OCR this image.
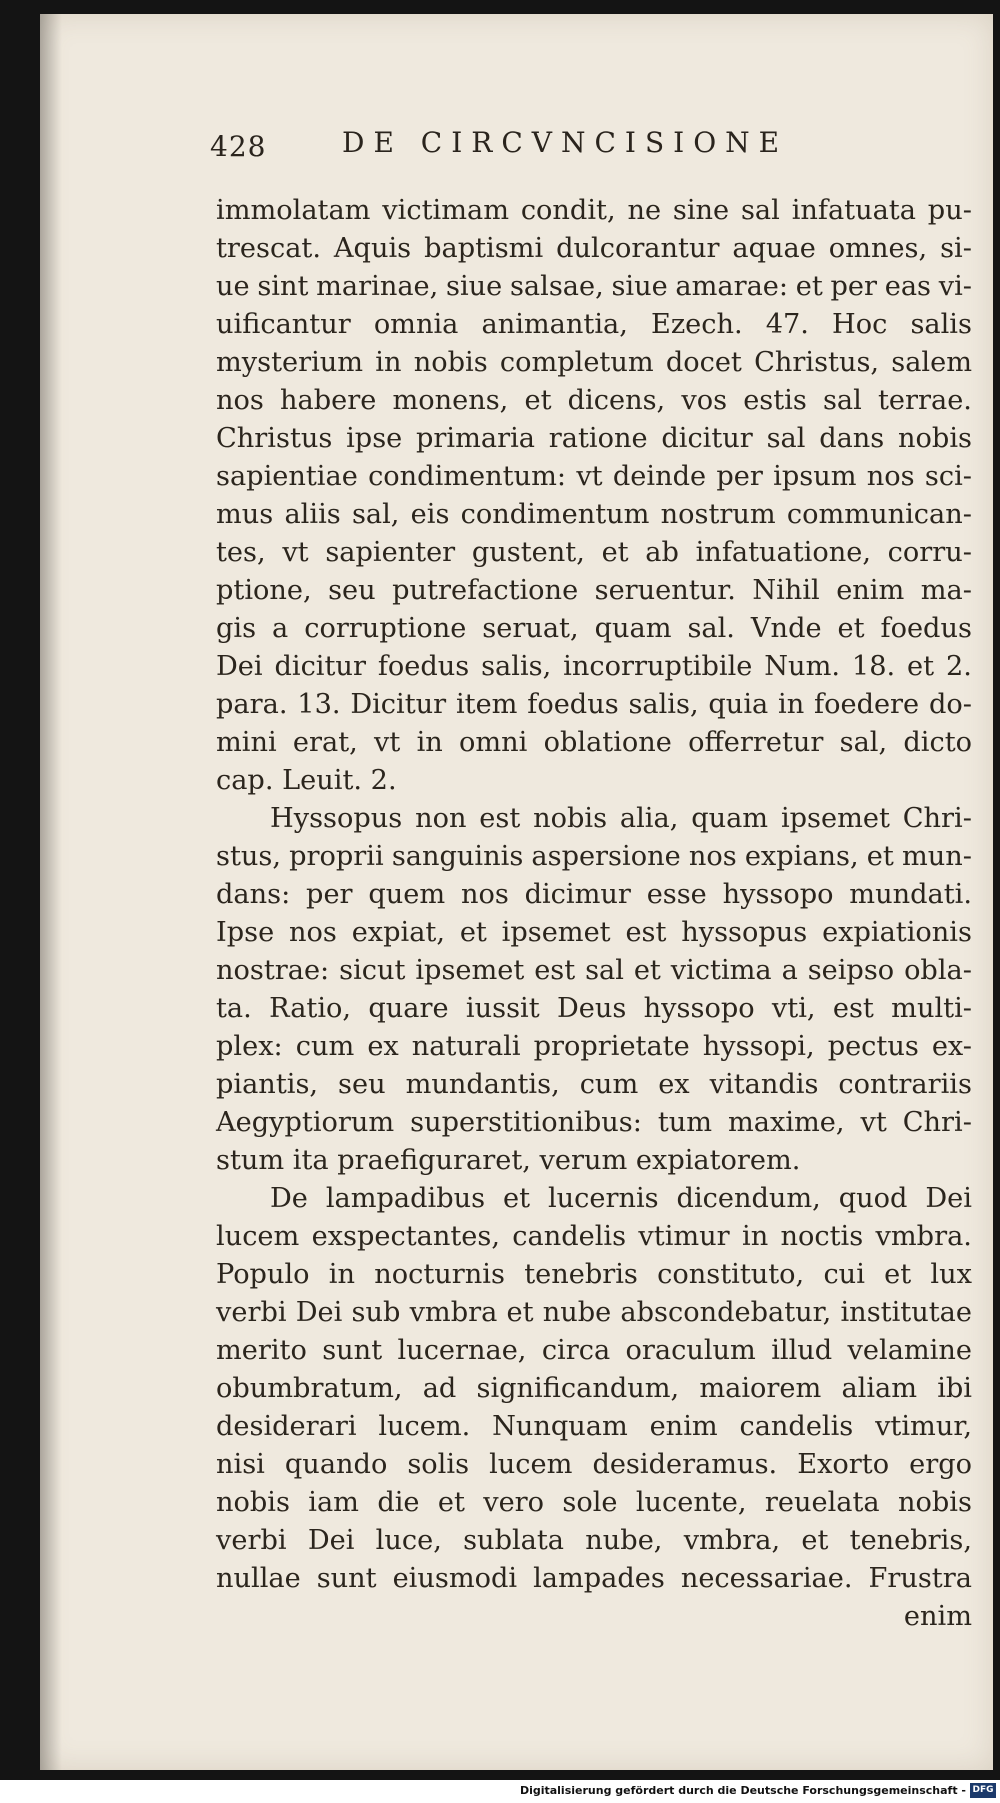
428	DE CIRCVNCISIONE
immolatam victimam condit, ne sine sal infatuata pu-
trescat. Aquis baptismi dulcorantur aquae omnes, si-
ue sint marinae, siue salsae, siue amarae: et per eas vi-
uificantur omnia animantia, Ezech. 47. Hoc salis
mysterium in nobis completum docet Christus, salem
nos habere monens, et dicens, vos estis sal terrae.
Christus ipse primaria ratione dicitur sal dans nobis
sapientiae condimentum: vt deinde per ipsum nos sci-
mus aliis sal, eis condimentum nostrum communican-
tes, vt sapienter gustent, et ab infatuatione, corru-
ptione, seu putrefactione seruentur. Nihil enim ma-
gis a corruptione seruat, quam sal. Vnde et foedus
Dei dicitur foedus salis, incorruptibile Num. 18. et 2.
para. 13. Dicitur item foedus salis, quia in foedere do-
mini erat, vt in omni oblatione offerretur sal, dicto
cap. Leuit. 2.
Hyssopus non est nobis alia, quam ipsemet Chri-
stus, proprii sanguinis aspersione nos expians, et mun-
dans: per quem nos dicimur esse hyssopo mundati.
Ipse nos expiat, et ipsemet est hyssopus expiationis
nostrae: sicut ipsemet est sal et victima a seipso obla-
ta. Ratio, quare iussit Deus hyssopo vti, est multi-
plex: cum ex naturali proprietate hyssopi, pectus ex-
piantis, seu mundantis, cum ex vitandis contrariis
Aegyptiorum superstitionibus: tum maxime, vt Chri-
stum ita praefiguraret, verum expiatorem.
De lampadibus et lucernis dicendum, quod Dei
lucem exspectantes, candelis vtimur in noctis vmbra.
Populo in nocturnis tenebris constituto, cui et lux
verbi Dei sub vmbra et nube abscondebatur, institutae
merito sunt lucernae, circa oraculum illud velamine
obumbratum, ad significandum, maiorem aliam ibi
desiderari lucem. Nunquam enim candelis vtimur,
nisi quando solis lucem desideramus. Exorto ergo
nobis iam die et vero sole lucente, reuelata nobis
verbi Dei luce, sublata nube, vmbra, et tenebris,
nullae sunt eiusmodi lampades necessariae. Frustra
enim
Digitalisierung gefördert durch die Deutsche Forschungsgemeinschaft - DFG
